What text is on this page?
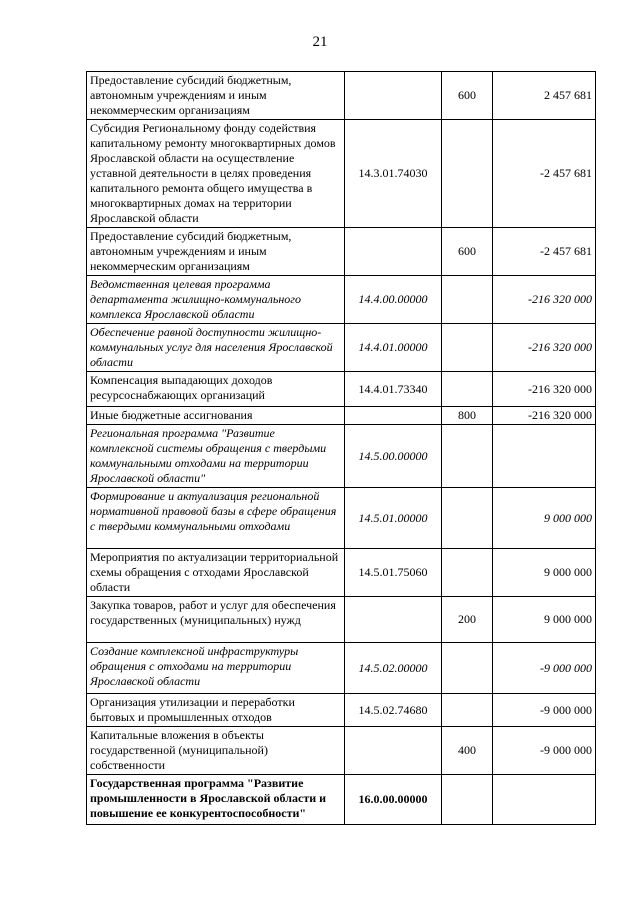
21
Предоставление субсидий бюджетным, автономным учреждениям и иным некоммерческим организациям		600	2 457 681
Субсидия Региональному фонду содействия капитальному ремонту многоквартирных домов Ярославской области на осуществление уставной деятельности в целях проведения капитального ремонта общего имущества в многоквартирных домах на территории Ярославской области	14.3.01.74030		-2 457 681
Предоставление субсидий бюджетным, автономным учреждениям и иным некоммерческим организациям		600	-2 457 681
Ведомственная целевая программа департамента жилищно-коммунального комплекса Ярославской области	14.4.00.00000		-216 320 000
Обеспечение равной доступности жилищно-коммунальных услуг для населения Ярославской области	14.4.01.00000		-216 320 000
Компенсация выпадающих доходов ресурсоснабжающих организаций	14.4.01.73340		-216 320 000
Иные бюджетные ассигнования		800	-216 320 000
Региональная программа "Развитие комплексной системы обращения с твердыми коммунальными отходами на территории Ярославской области"	14.5.00.00000		
Формирование и актуализация региональной нормативной правовой базы в сфере обращения с твердыми коммунальными отходами	14.5.01.00000		9 000 000
Мероприятия по актуализации территориальной схемы обращения с отходами Ярославской области	14.5.01.75060		9 000 000
Закупка товаров, работ и услуг для обеспечения государственных (муниципальных) нужд		200	9 000 000
Создание комплексной инфраструктуры обращения с отходами на территории Ярославской области	14.5.02.00000		-9 000 000
Организация утилизации и переработки бытовых и промышленных отходов	14.5.02.74680		-9 000 000
Капитальные вложения в объекты государственной (муниципальной) собственности		400	-9 000 000
Государственная программа "Развитие промышленности в Ярославской области и повышение ее конкурентоспособности"	16.0.00.00000		
